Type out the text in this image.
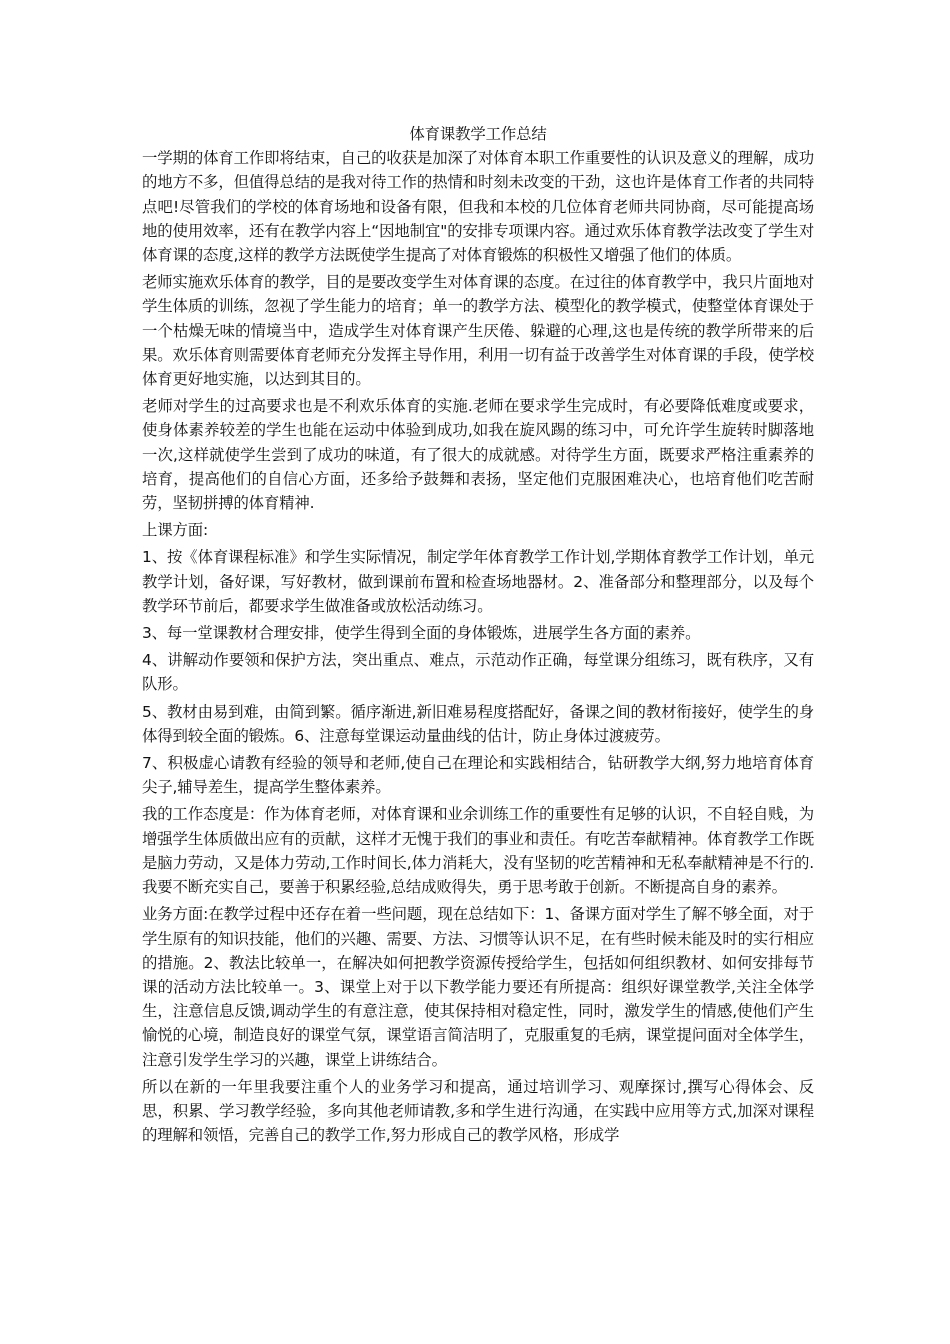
体育课教学工作总结

一学期的体育工作即将结束，自己的收获是加深了对体育本职工作重要性的认识及意义的理解，成功的地方不多，但值得总结的是我对待工作的热情和时刻未改变的干劲，这也许是体育工作者的共同特点吧!尽管我们的学校的体育场地和设备有限，但我和本校的几位体育老师共同协商，尽可能提高场地的使用效率，还有在教学内容上“因地制宜"的安排专项课内容。通过欢乐体育教学法改变了学生对体育课的态度,这样的教学方法既使学生提高了对体育锻炼的积极性又增强了他们的体质。

老师实施欢乐体育的教学，目的是要改变学生对体育课的态度。在过往的体育教学中，我只片面地对学生体质的训练，忽视了学生能力的培育；单一的教学方法、模型化的教学模式，使整堂体育课处于一个枯燥无味的情境当中，造成学生对体育课产生厌倦、躲避的心理,这也是传统的教学所带来的后果。欢乐体育则需要体育老师充分发挥主导作用，利用一切有益于改善学生对体育课的手段，使学校体育更好地实施，以达到其目的。

老师对学生的过高要求也是不利欢乐体育的实施.老师在要求学生完成时，有必要降低难度或要求，使身体素养较差的学生也能在运动中体验到成功,如我在旋风踢的练习中，可允许学生旋转时脚落地一次,这样就使学生尝到了成功的味道，有了很大的成就感。对待学生方面，既要求严格注重素养的培育，提高他们的自信心方面，还多给予鼓舞和表扬，坚定他们克服困难决心，也培育他们吃苦耐劳，坚韧拼搏的体育精神.

上课方面:

1、按《体育课程标准》和学生实际情况，制定学年体育教学工作计划,学期体育教学工作计划，单元教学计划，备好课，写好教材，做到课前布置和检查场地器材。2、准备部分和整理部分，以及每个教学环节前后，都要求学生做准备或放松活动练习。

3、每一堂课教材合理安排，使学生得到全面的身体锻炼，进展学生各方面的素养。

4、讲解动作要领和保护方法，突出重点、难点，示范动作正确，每堂课分组练习，既有秩序，又有队形。

5、教材由易到难，由简到繁。循序渐进,新旧难易程度搭配好，备课之间的教材衔接好，使学生的身体得到较全面的锻炼。6、注意每堂课运动量曲线的估计，防止身体过渡疲劳。

7、积极虚心请教有经验的领导和老师,使自己在理论和实践相结合，钻研教学大纲,努力地培育体育尖子,辅导差生，提高学生整体素养。

我的工作态度是：作为体育老师，对体育课和业余训练工作的重要性有足够的认识，不自轻自贱，为增强学生体质做出应有的贡献，这样才无愧于我们的事业和责任。有吃苦奉献精神。体育教学工作既是脑力劳动，又是体力劳动,工作时间长,体力消耗大，没有坚韧的吃苦精神和无私奉献精神是不行的.我要不断充实自己，要善于积累经验,总结成败得失，勇于思考敢于创新。不断提高自身的素养。

业务方面:在教学过程中还存在着一些问题，现在总结如下：1、备课方面对学生了解不够全面，对于学生原有的知识技能，他们的兴趣、需要、方法、习惯等认识不足，在有些时候未能及时的实行相应的措施。2、教法比较单一，在解决如何把教学资源传授给学生，包括如何组织教材、如何安排每节课的活动方法比较单一。3、课堂上对于以下教学能力要还有所提高：组织好课堂教学,关注全体学生，注意信息反馈,调动学生的有意注意，使其保持相对稳定性，同时，激发学生的情感,使他们产生愉悦的心境，制造良好的课堂气氛，课堂语言简洁明了，克服重复的毛病，课堂提问面对全体学生，注意引发学生学习的兴趣，课堂上讲练结合。

所以在新的一年里我要注重个人的业务学习和提高，通过培训学习、观摩探讨,撰写心得体会、反思，积累、学习教学经验，多向其他老师请教,多和学生进行沟通，在实践中应用等方式,加深对课程的理解和领悟，完善自己的教学工作,努力形成自己的教学风格，形成学
